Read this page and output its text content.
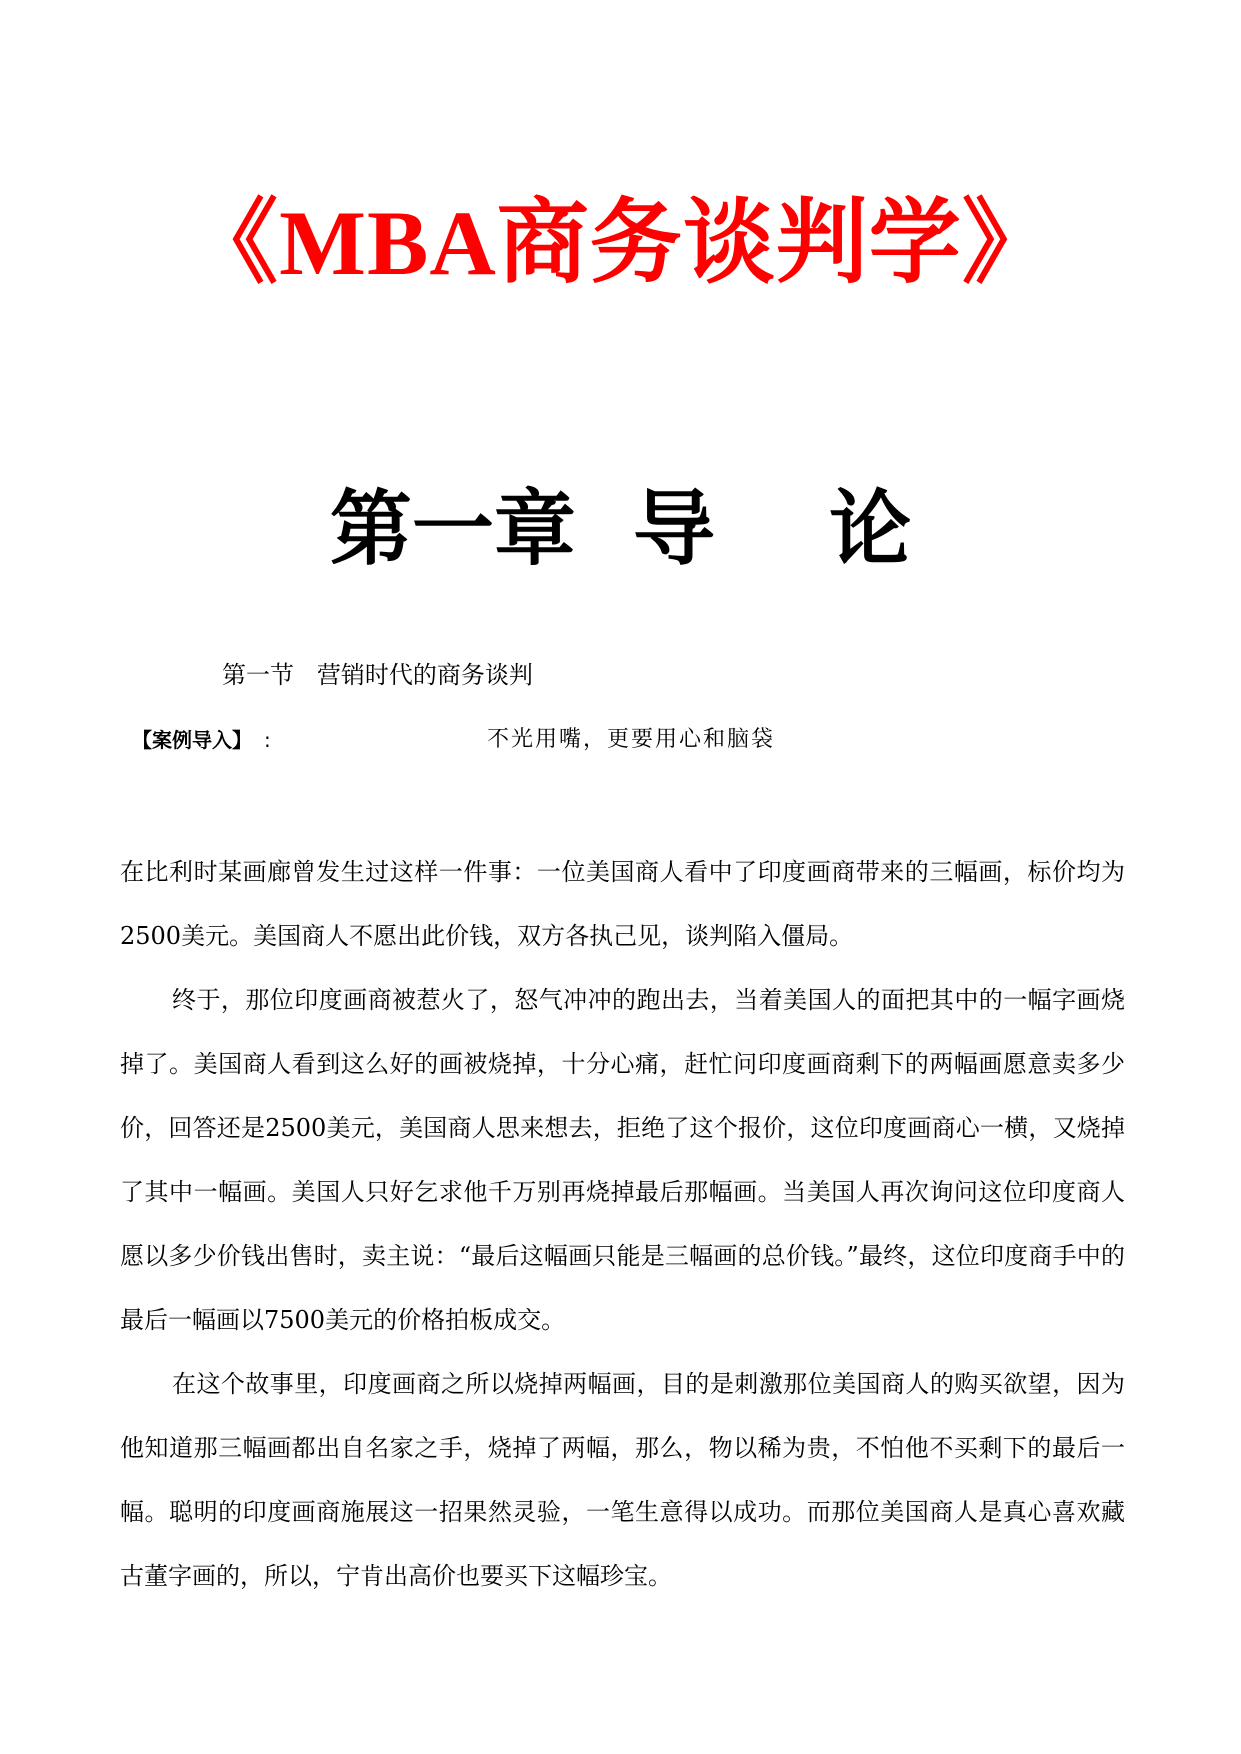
《MBA商务谈判学》
第一章  导    论
第一节   营销时代的商务谈判
【案例导入】 :	不光用嘴，更要用心和脑袋

在比利时某画廊曾发生过这样一件事：一位美国商人看中了印度画商带来的三幅画，标价均为2500美元。美国商人不愿出此价钱，双方各执己见，谈判陷入僵局。

终于，那位印度画商被惹火了，怒气冲冲的跑出去，当着美国人的面把其中的一幅字画烧掉了。美国商人看到这么好的画被烧掉，十分心痛，赶忙问印度画商剩下的两幅画愿意卖多少价，回答还是2500美元，美国商人思来想去，拒绝了这个报价，这位印度画商心一横，又烧掉了其中一幅画。美国人只好乞求他千万别再烧掉最后那幅画。当美国人再次询问这位印度商人愿以多少价钱出售时，卖主说：“最后这幅画只能是三幅画的总价钱。”最终，这位印度商手中的最后一幅画以7500美元的价格拍板成交。

在这个故事里，印度画商之所以烧掉两幅画，目的是刺激那位美国商人的购买欲望，因为他知道那三幅画都出自名家之手，烧掉了两幅，那么，物以稀为贵，不怕他不买剩下的最后一幅。聪明的印度画商施展这一招果然灵验，一笔生意得以成功。而那位美国商人是真心喜欢藏古董字画的，所以，宁肯出高价也要买下这幅珍宝。
